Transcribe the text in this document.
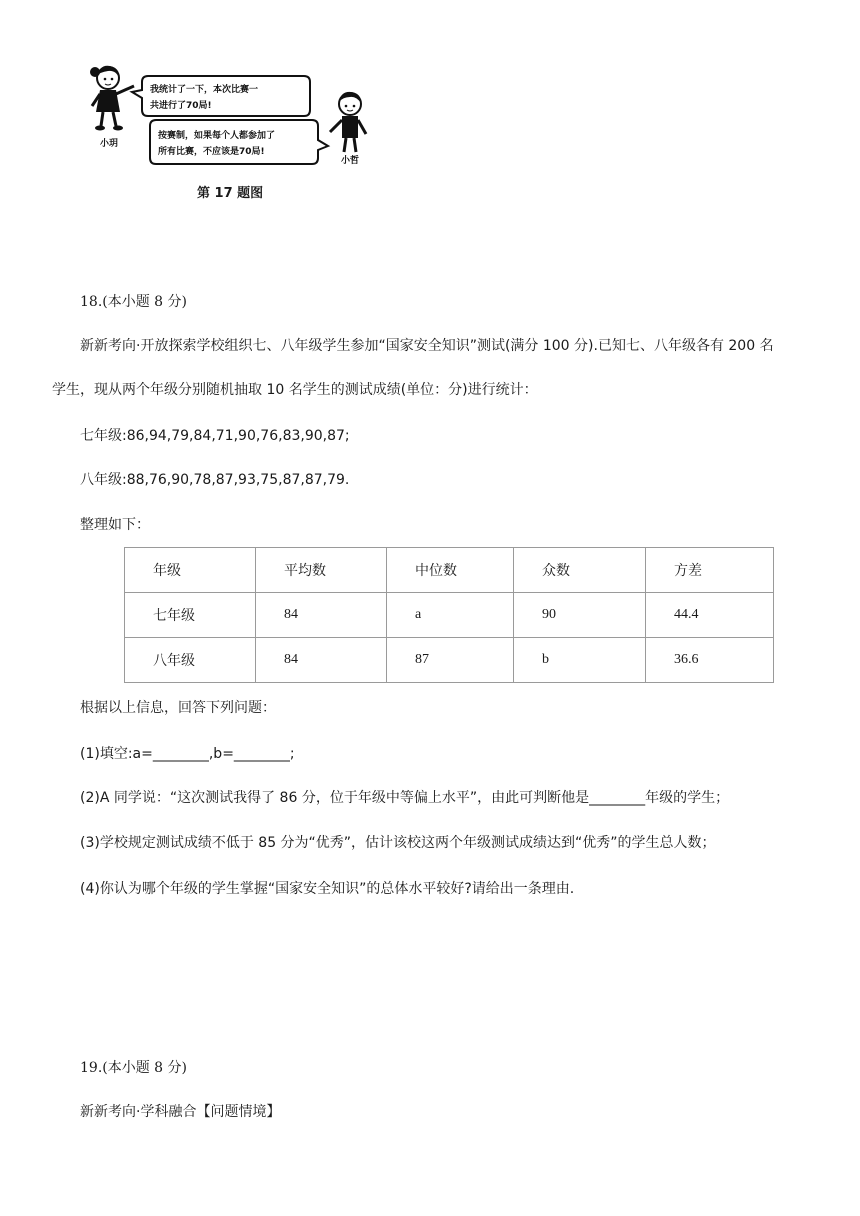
小玥
我统计了一下，本次比赛一
共进行了70局!
按赛制，如果每个人都参加了
所有比赛，不应该是70局!
小哲
第 17 题图
18.(本小题 8 分)
新新考向·开放探索学校组织七、八年级学生参加“国家安全知识”测试(满分 100 分).已知七、八年级各有 200 名
学生，现从两个年级分别随机抽取 10 名学生的测试成绩(单位：分)进行统计：
七年级:86,94,79,84,71,90,76,83,90,87;
八年级:88,76,90,78,87,93,75,87,87,79.
整理如下：
年级	平均数	中位数	众数	方差
七年级	84	a	90	44.4
八年级	84	87	b	36.6
根据以上信息，回答下列问题：
(1)填空:a=________,b=________;
(2)A 同学说：“这次测试我得了 86 分，位于年级中等偏上水平”，由此可判断他是________年级的学生；
(3)学校规定测试成绩不低于 85 分为“优秀”，估计该校这两个年级测试成绩达到“优秀”的学生总人数；
(4)你认为哪个年级的学生掌握“国家安全知识”的总体水平较好?请给出一条理由.
19.(本小题 8 分)
新新考向·学科融合【问题情境】
